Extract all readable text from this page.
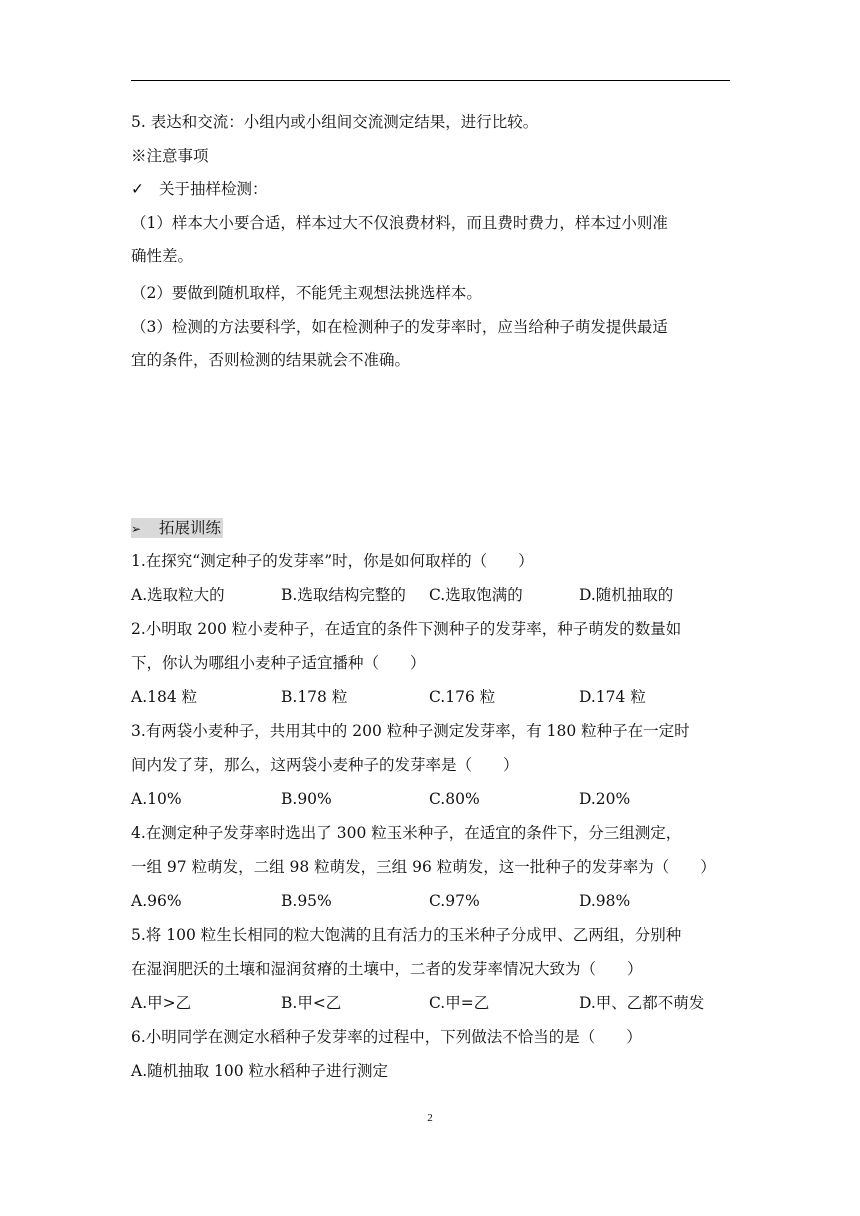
5. 表达和交流：小组内或小组间交流测定结果，进行比较。
※注意事项
✓ 关于抽样检测：
（1）样本大小要合适，样本过大不仅浪费材料，而且费时费力，样本过小则准
确性差。
（2）要做到随机取样，不能凭主观想法挑选样本。
（3）检测的方法要科学，如在检测种子的发芽率时，应当给种子萌发提供最适
宜的条件，否则检测的结果就会不准确。
➢ 拓展训练
1.在探究“测定种子的发芽率”时，你是如何取样的（　　）
A.选取粒大的	B.选取结构完整的 C.选取饱满的	D.随机抽取的
2.小明取 200 粒小麦种子，在适宜的条件下测种子的发芽率，种子萌发的数量如
下，你认为哪组小麦种子适宜播种（　　）
A.184 粒	B.178 粒	C.176 粒	D.174 粒
3.有两袋小麦种子，共用其中的 200 粒种子测定发芽率，有 180 粒种子在一定时
间内发了芽，那么，这两袋小麦种子的发芽率是（　　）
A.10%	B.90%	C.80%	D.20%
4.在测定种子发芽率时选出了 300 粒玉米种子，在适宜的条件下，分三组测定，
一组 97 粒萌发，二组 98 粒萌发，三组 96 粒萌发，这一批种子的发芽率为（　　）
A.96%	B.95%	C.97%	D.98%
5.将 100 粒生长相同的粒大饱满的且有活力的玉米种子分成甲、乙两组，分别种
在湿润肥沃的土壤和湿润贫瘠的土壤中，二者的发芽率情况大致为（　　）
A.甲>乙	B.甲<乙	C.甲=乙	D.甲、乙都不萌发
6.小明同学在测定水稻种子发芽率的过程中，下列做法不恰当的是（　　）
A.随机抽取 100 粒水稻种子进行测定
2
